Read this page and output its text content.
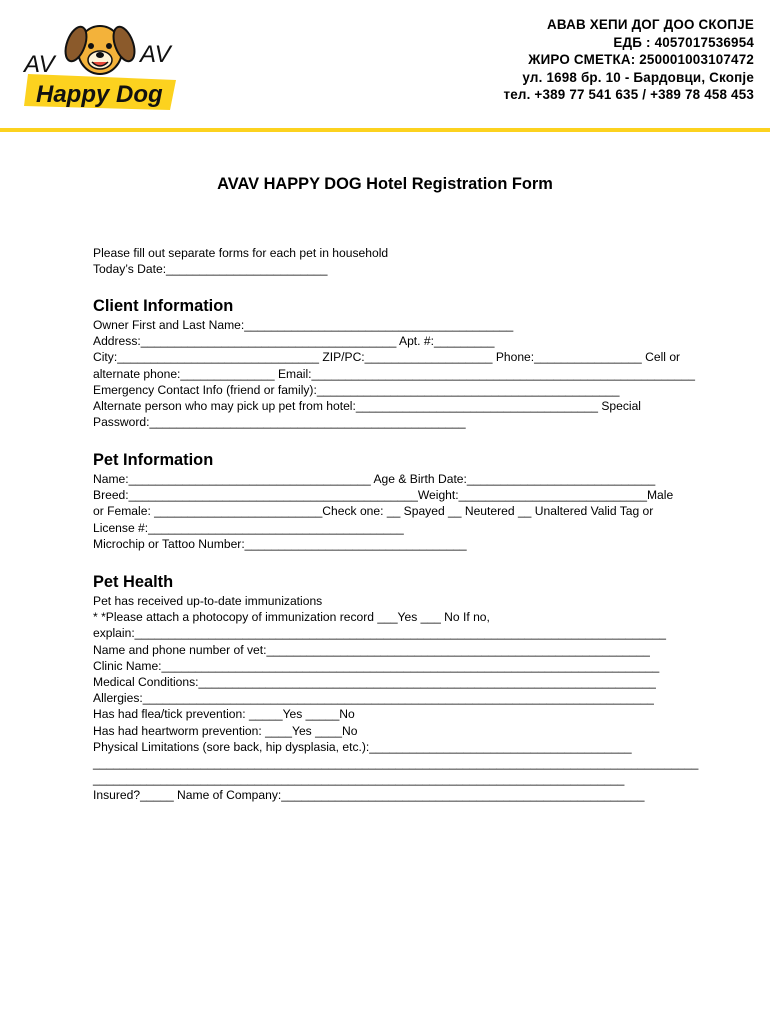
AV	AV
Happy Dog
АВАВ ХЕПИ ДОГ ДОО СКОПЈЕ
ЕДБ : 4057017536954
ЖИРО СМЕТКА: 250001003107472
ул. 1698 бр. 10 - Бардовци, Скопје
тел. +389 77 541 635 / +389 78 458 453
AVAV HAPPY DOG Hotel Registration Form
Please fill out separate forms for each pet in household
Today’s Date:________________________
Client Information
Owner First and Last Name:________________________________________
Address:______________________________________ Apt. #:_________
City:______________________________ ZIP/PC:___________________ Phone:________________ Cell or
alternate phone:______________ Email:_________________________________________________________
Emergency Contact Info (friend or family):_____________________________________________
Alternate person who may pick up pet from hotel:____________________________________ Special
Password:_______________________________________________
Pet Information
Name:____________________________________ Age & Birth Date:____________________________
Breed:___________________________________________Weight:____________________________Male
or Female: _________________________Check one: __ Spayed __ Neutered __ Unaltered Valid Tag or
License #:______________________________________
Microchip or Tattoo Number:_________________________________
Pet Health
Pet has received up-to-date immunizations
* *Please attach a photocopy of immunization record ___Yes ___ No If no,
explain:_______________________________________________________________________________
Name and phone number of vet:_________________________________________________________
Clinic Name:__________________________________________________________________________
Medical Conditions:____________________________________________________________________
Allergies:____________________________________________________________________________
Has had flea/tick prevention: _____Yes _____No
Has had heartworm prevention: ____Yes ____No
Physical Limitations (sore back, hip dysplasia, etc.):_______________________________________
__________________________________________________________________________________________
_______________________________________________________________________________
Insured?_____ Name of Company:______________________________________________________
